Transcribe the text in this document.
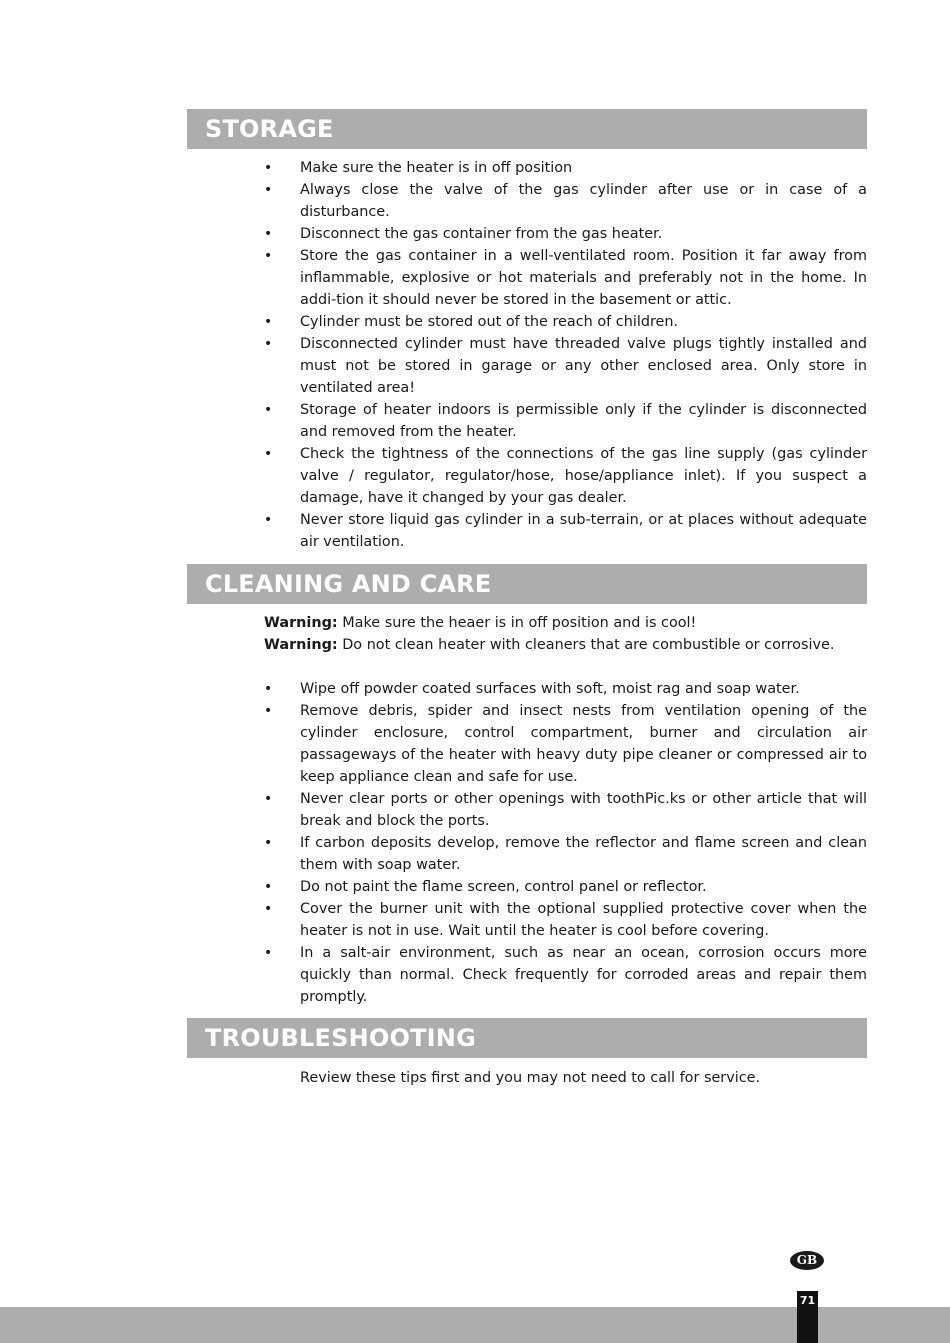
STORAGE
• Make sure the heater is in off position
• Always close the valve of the gas cylinder after use or in case of a disturbance.
• Disconnect the gas container from the gas heater.
• Store the gas container in a well-ventilated room. Position it far away from inflammable, explosive or hot materials and preferably not in the home. In addi-tion it should never be stored in the basement or attic.
• Cylinder must be stored out of the reach of children.
• Disconnected cylinder must have threaded valve plugs tightly installed and must not be stored in garage or any other enclosed area. Only store in ventilated area!
• Storage of heater indoors is permissible only if the cylinder is disconnected and removed from the heater.
• Check the tightness of the connections of the gas line supply (gas cylinder valve / regulator, regulator/hose, hose/appliance inlet). If you suspect a damage, have it changed by your gas dealer.
• Never store liquid gas cylinder in a sub-terrain, or at places without adequate air ventilation.
CLEANING AND CARE
Warning: Make sure the heaer is in off position and is cool!
Warning: Do not clean heater with cleaners that are combustible or corrosive.
• Wipe off powder coated surfaces with soft, moist rag and soap water.
• Remove debris, spider and insect nests from ventilation opening of the cylinder enclosure, control compartment, burner and circulation air passageways of the heater with heavy duty pipe cleaner or compressed air to keep appliance clean and safe for use.
• Never clear ports or other openings with toothPic.ks or other article that will break and block the ports.
• If carbon deposits develop, remove the reflector and flame screen and clean them with soap water.
• Do not paint the flame screen, control panel or reflector.
• Cover the burner unit with the optional supplied protective cover when the heater is not in use. Wait until the heater is cool before covering.
• In a salt-air environment, such as near an ocean, corrosion occurs more quickly than normal. Check frequently for corroded areas and repair them promptly.
TROUBLESHOOTING
Review these tips first and you may not need to call for service.
GB
71
